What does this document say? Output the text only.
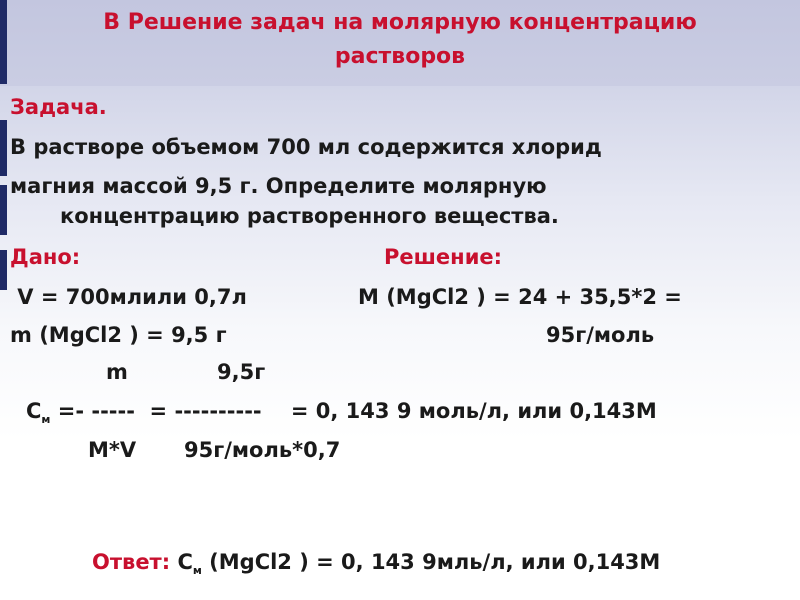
В Решение задач на молярную концентрацию
растворов
Задача.
В растворе объемом 700 мл содержится хлорид
магния массой 9,5 г. Определите молярную
концентрацию растворенного вещества.
Дано:	Решение:
V = 700млили 0,7л	M (MgCl2 ) = 24 + 35,5*2 =
m (MgCl2 ) = 9,5 г	95г/моль
m	9,5г
$С_м$ =- -----  = ----------    = 0, 143 9 моль/л, или 0,143М
M*V 95г/моль*0,7
Ответ: $С_м$ (MgCl2 ) = 0, 143 9мль/л, или 0,143М
